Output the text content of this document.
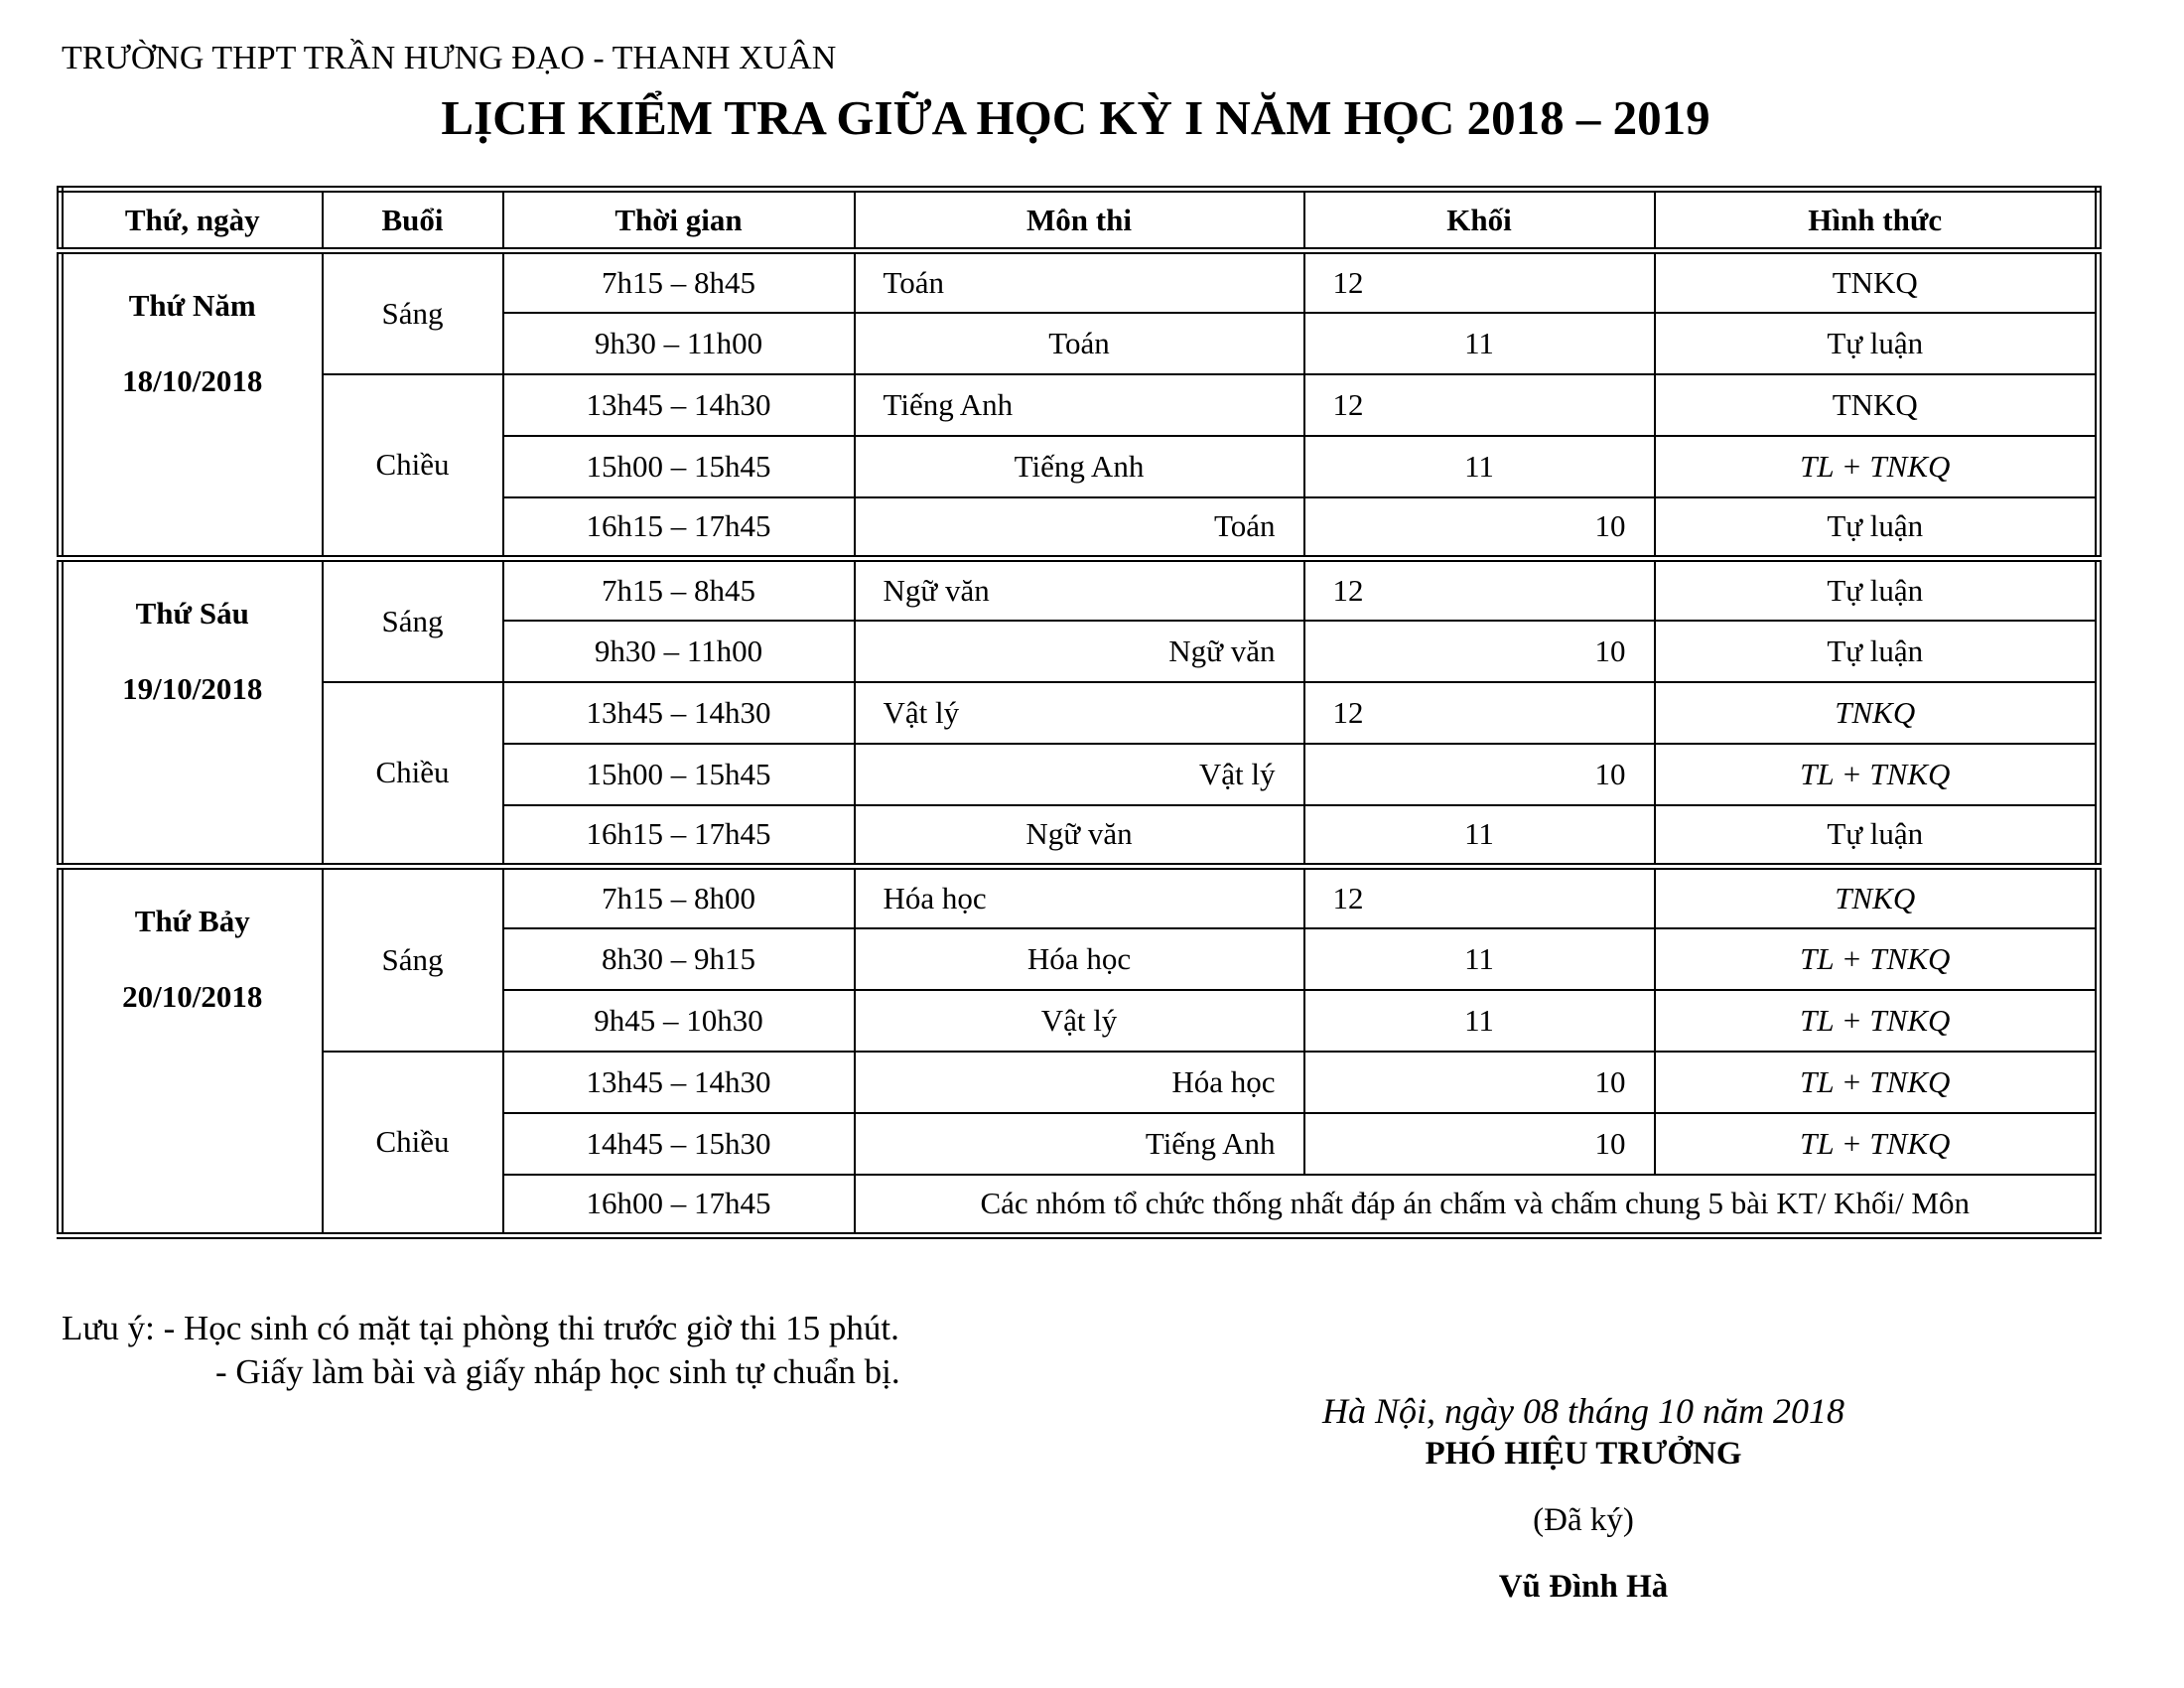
TRƯỜNG THPT TRẦN HƯNG ĐẠO - THANH XUÂN
LỊCH KIỂM TRA GIỮA HỌC KỲ I NĂM HỌC 2018 – 2019
Thứ, ngày	Buổi	Thời gian	Môn thi	Khối	Hình thức

Thứ Năm
18/10/2018	Sáng	7h15 – 8h45	Toán	12	TNKQ
		9h30 – 11h00	Toán	11	Tự luận
	Chiều	13h45 – 14h30	Tiếng Anh	12	TNKQ
		15h00 – 15h45	Tiếng Anh	11	TL + TNKQ
		16h15 – 17h45	Toán	10	Tự luận

Thứ Sáu
19/10/2018	Sáng	7h15 – 8h45	Ngữ văn	12	Tự luận
		9h30 – 11h00	Ngữ văn	10	Tự luận
	Chiều	13h45 – 14h30	Vật lý	12	TNKQ
		15h00 – 15h45	Vật lý	10	TL + TNKQ
		16h15 – 17h45	Ngữ văn	11	Tự luận

Thứ Bảy
20/10/2018	Sáng	7h15 – 8h00	Hóa học	12	TNKQ
		8h30 – 9h15	Hóa học	11	TL + TNKQ
		9h45 – 10h30	Vật lý	11	TL + TNKQ
	Chiều	13h45 – 14h30	Hóa học	10	TL + TNKQ
		14h45 – 15h30	Tiếng Anh	10	TL + TNKQ
		16h00 – 17h45	Các nhóm tổ chức thống nhất đáp án chấm và chấm chung 5 bài KT/ Khối/ Môn		
Lưu ý: - Học sinh có mặt tại phòng thi trước giờ thi 15 phút.
- Giấy làm bài và giấy nháp học sinh tự chuẩn bị.
Hà Nội, ngày 08 tháng 10 năm 2018
PHÓ HIỆU TRƯỞNG
(Đã ký)
Vũ Đình Hà
